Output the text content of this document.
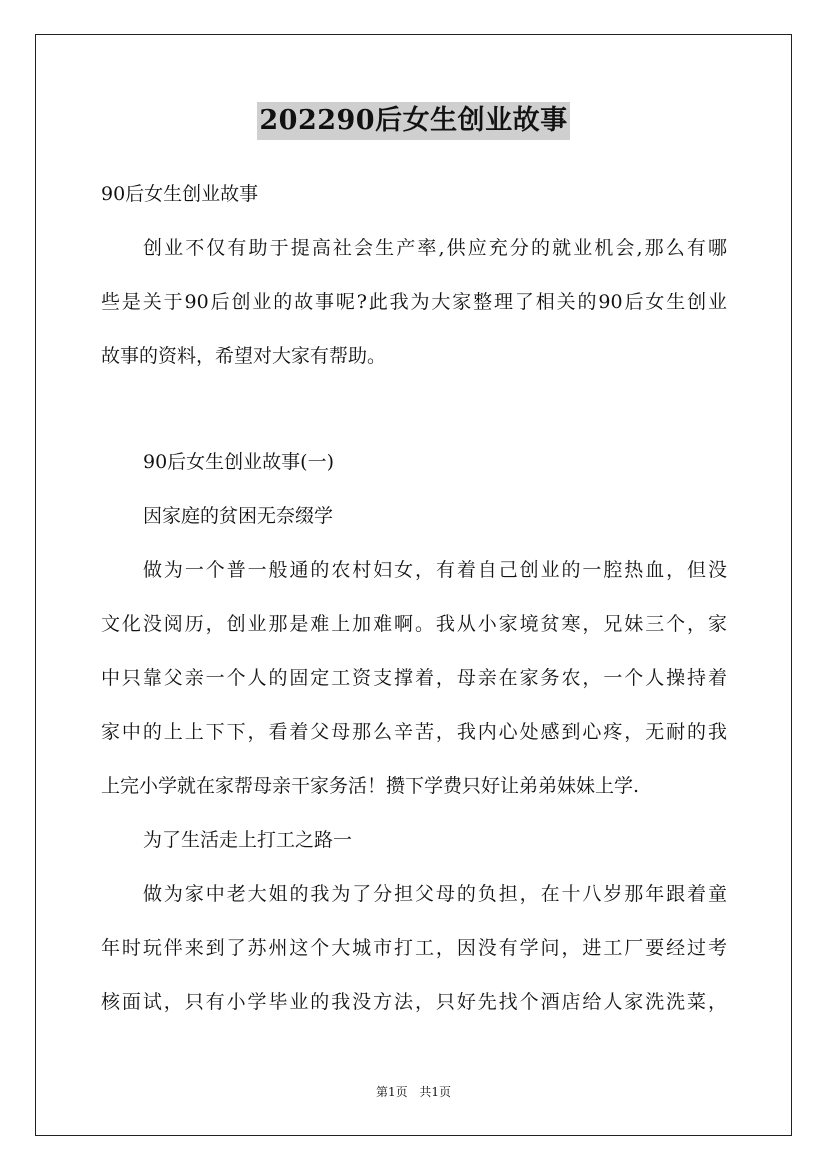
202290后女生创业故事
90后女生创业故事
创业不仅有助于提高社会生产率,供应充分的就业机会,那么有哪
些是关于90后创业的故事呢?此我为大家整理了相关的90后女生创业
故事的资料，希望对大家有帮助。
90后女生创业故事(一)
因家庭的贫困无奈缀学
做为一个普一般通的农村妇女，有着自己创业的一腔热血，但没
文化没阅历，创业那是难上加难啊。我从小家境贫寒，兄妹三个，家
中只靠父亲一个人的固定工资支撑着，母亲在家务农，一个人操持着
家中的上上下下，看着父母那么辛苦，我内心处感到心疼，无耐的我
上完小学就在家帮母亲干家务活！攒下学费只好让弟弟妹妹上学.
为了生活走上打工之路一
做为家中老大姐的我为了分担父母的负担，在十八岁那年跟着童
年时玩伴来到了苏州这个大城市打工，因没有学问，进工厂要经过考
核面试，只有小学毕业的我没方法，只好先找个酒店给人家洗洗菜，
第1页 共1页
